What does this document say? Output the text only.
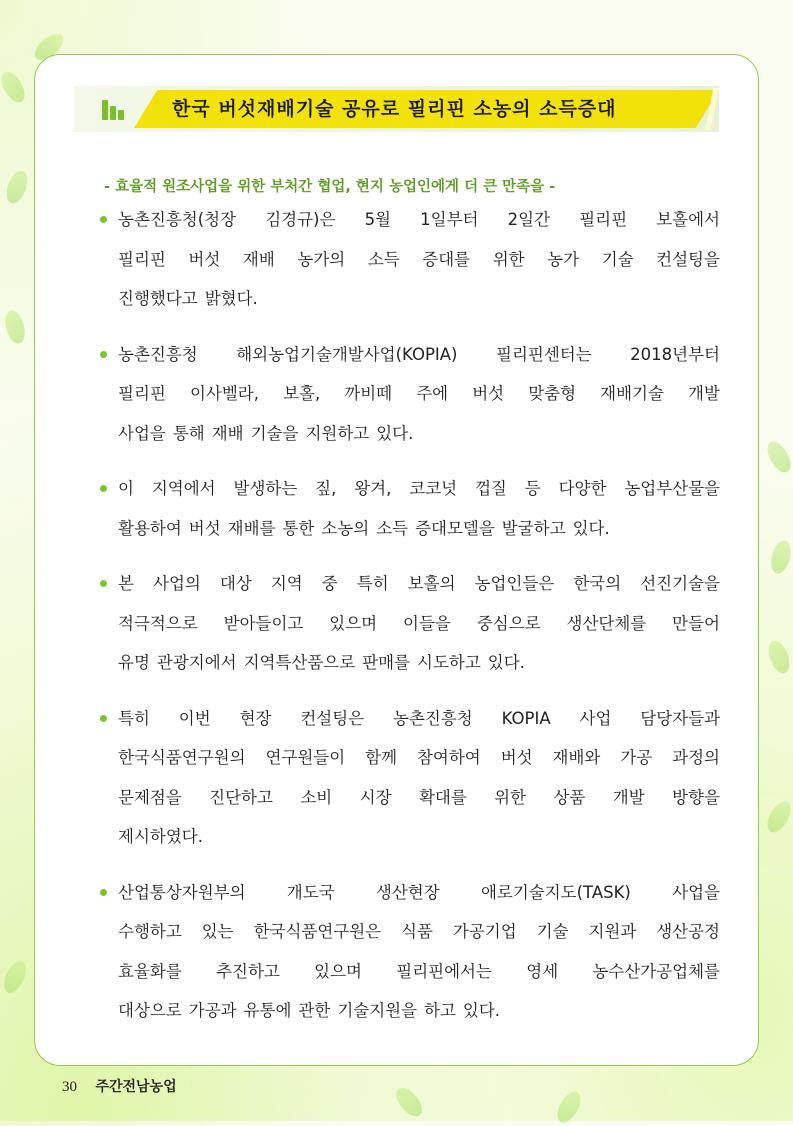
한국 버섯재배기술 공유로 필리핀 소농의 소득증대
- 효율적 원조사업을 위한 부처간 협업, 현지 농업인에게 더 큰 만족을 -
농촌진흥청(청장 김경규)은 5월 1일부터 2일간 필리핀 보홀에서
필리핀 버섯 재배 농가의 소득 증대를 위한 농가 기술 컨설팅을
진행했다고 밝혔다.
농촌진흥청 해외농업기술개발사업(KOPIA) 필리핀센터는 2018년부터
필리핀 이사벨라, 보홀, 까비떼 주에 버섯 맞춤형 재배기술 개발
사업을 통해 재배 기술을 지원하고 있다.
이 지역에서 발생하는 짚, 왕겨, 코코넛 껍질 등 다양한 농업부산물을
활용하여 버섯 재배를 통한 소농의 소득 증대모델을 발굴하고 있다.
본 사업의 대상 지역 중 특히 보홀의 농업인들은 한국의 선진기술을
적극적으로 받아들이고 있으며 이들을 중심으로 생산단체를 만들어
유명 관광지에서 지역특산품으로 판매를 시도하고 있다.
특히 이번 현장 컨설팅은 농촌진흥청 KOPIA 사업 담당자들과
한국식품연구원의 연구원들이 함께 참여하여 버섯 재배와 가공 과정의
문제점을 진단하고 소비 시장 확대를 위한 상품 개발 방향을
제시하였다.
산업통상자원부의	개도국	생산현장	애로기술지도(TASK)	사업을
수행하고 있는 한국식품연구원은 식품 가공기업 기술 지원과 생산공정
효율화를 추진하고 있으며 필리핀에서는 영세 농수산가공업체를
대상으로 가공과 유통에 관한 기술지원을 하고 있다.
30 주간전남농업
